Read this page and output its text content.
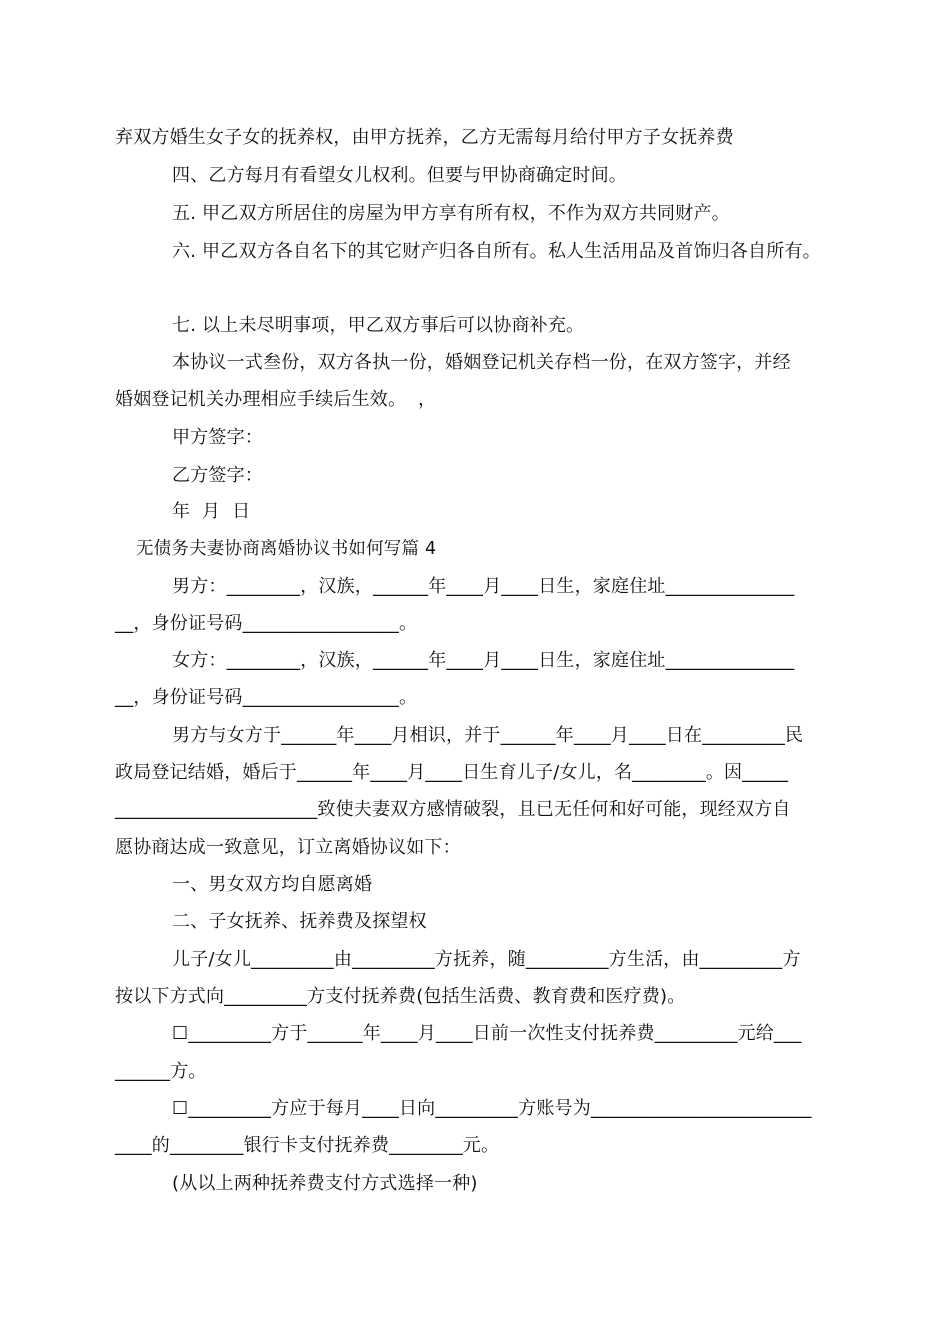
弃双方婚生女子女的抚养权，由甲方抚养，乙方无需每月给付甲方子女抚养费

四、乙方每月有看望女儿权利。但要与甲协商确定时间。

五. 甲乙双方所居住的房屋为甲方享有所有权，不作为双方共同财产。

六. 甲乙双方各自名下的其它财产归各自所有。私人生活用品及首饰归各自所有。

七. 以上未尽明事项，甲乙双方事后可以协商补充。

本协议一式叁份，双方各执一份，婚姻登记机关存档一份，在双方签字，并经

婚姻登记机关办理相应手续后生效。  ，

甲方签字：

乙方签字：

年  月  日

无债务夫妻协商离婚协议书如何写篇 4

男方：________，汉族，______年____月____日生，家庭住址______________

__，身份证号码_________________。

女方：________，汉族，______年____月____日生，家庭住址______________

__，身份证号码_________________。

男方与女方于______年____月相识，并于______年____月____日在_________民

政局登记结婚，婚后于______年____月____日生育儿子/女儿，名________。因_____

______________________致使夫妻双方感情破裂，且已无任何和好可能，现经双方自

愿协商达成一致意见，订立离婚协议如下：

一、男女双方均自愿离婚

二、子女抚养、抚养费及探望权

儿子/女儿_________由_________方抚养，随_________方生活，由_________方

按以下方式向_________方支付抚养费(包括生活费、教育费和医疗费)。

☐_________方于______年____月____日前一次性支付抚养费_________元给___

______方。

☐_________方应于每月____日向_________方账号为________________________

____的________银行卡支付抚养费________元。

(从以上两种抚养费支付方式选择一种)
